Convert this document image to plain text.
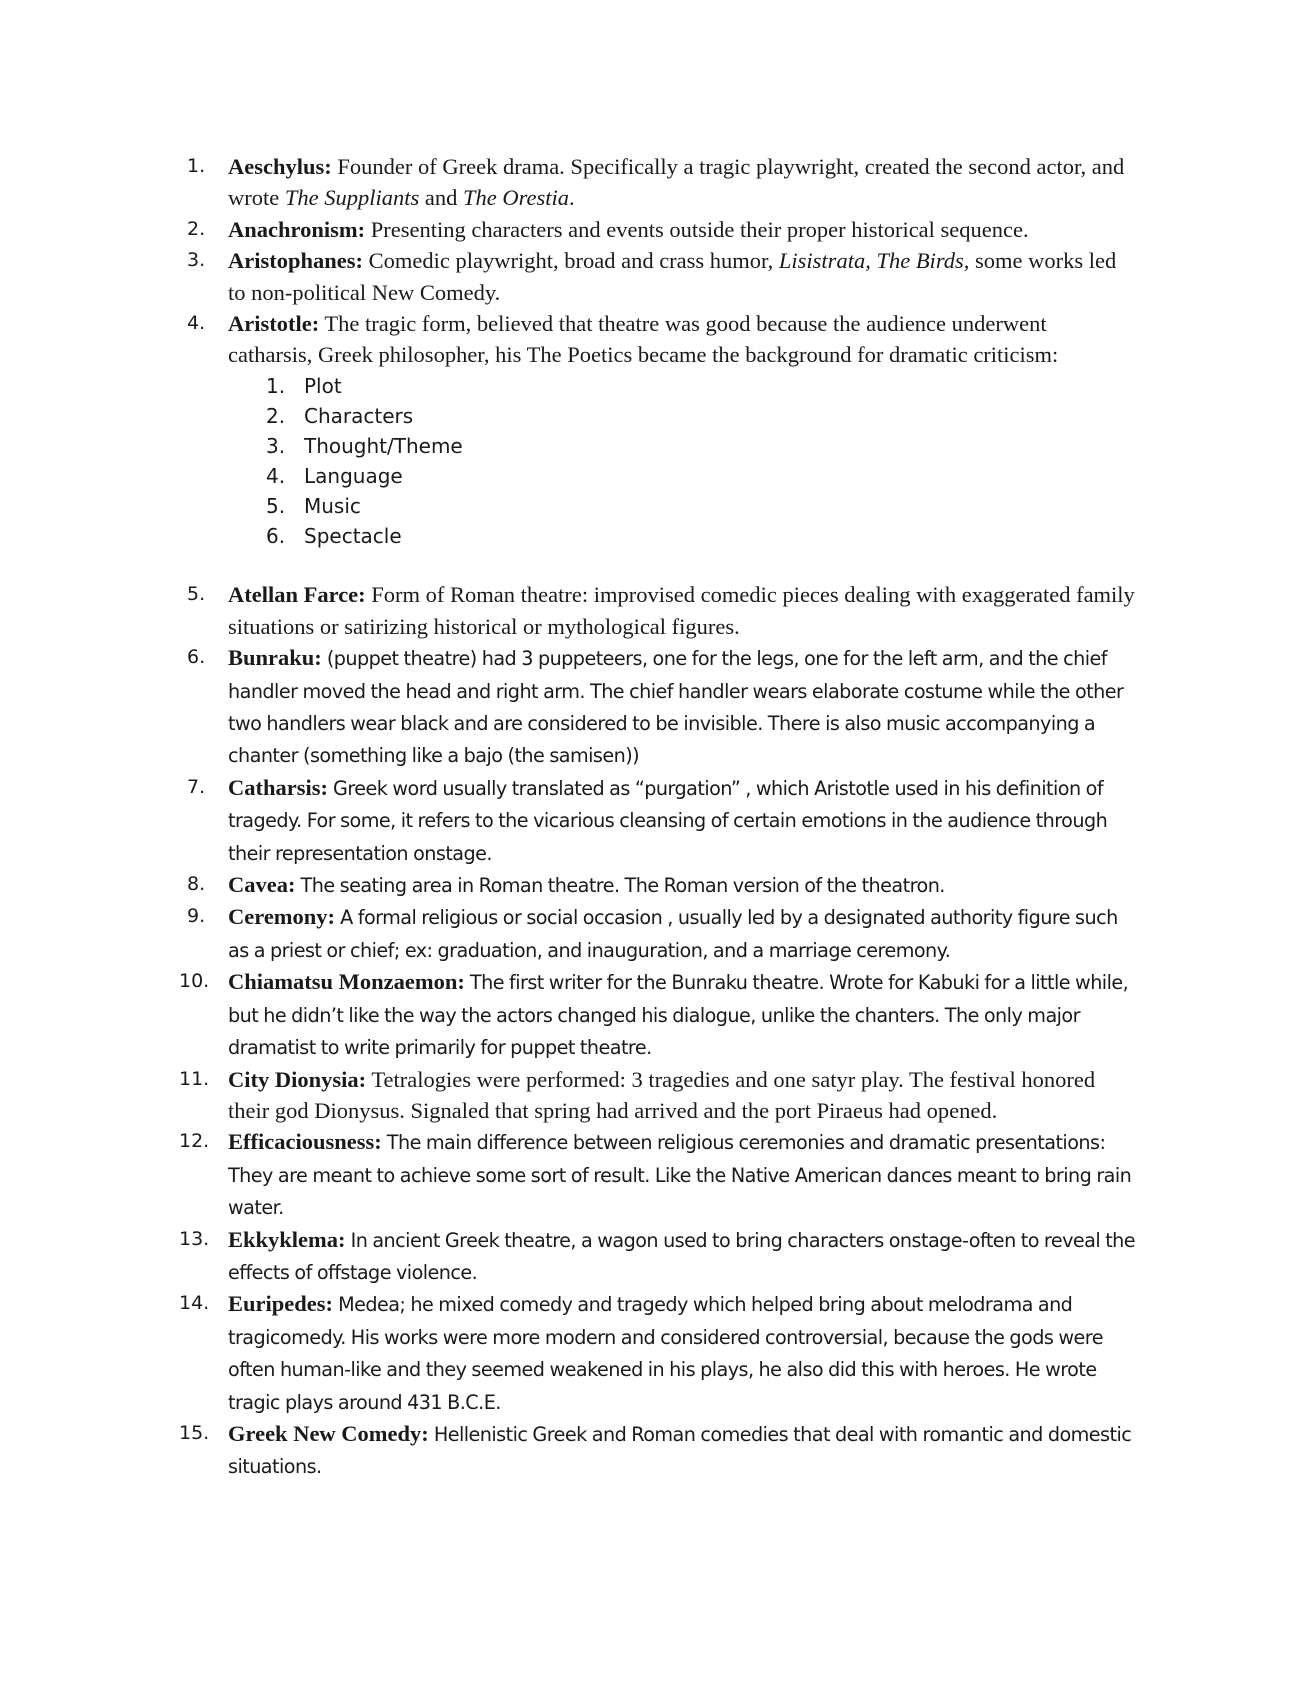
1. Aeschylus: Founder of Greek drama. Specifically a tragic playwright, created the second actor, and wrote The Suppliants and The Orestia.
2. Anachronism: Presenting characters and events outside their proper historical sequence.
3. Aristophanes: Comedic playwright, broad and crass humor, Lisistrata, The Birds, some works led to non-political New Comedy.
4. Aristotle: The tragic form, believed that theatre was good because the audience underwent catharsis, Greek philosopher, his The Poetics became the background for dramatic criticism:
1. Plot
2. Characters
3. Thought/Theme
4. Language
5. Music
6. Spectacle
5. Atellan Farce: Form of Roman theatre: improvised comedic pieces dealing with exaggerated family situations or satirizing historical or mythological figures.
6. Bunraku: (puppet theatre) had 3 puppeteers, one for the legs, one for the left arm, and the chief handler moved the head and right arm. The chief handler wears elaborate costume while the other two handlers wear black and are considered to be invisible. There is also music accompanying a chanter (something like a bajo (the samisen))
7. Catharsis: Greek word usually translated as “purgation” , which Aristotle used in his definition of tragedy. For some, it refers to the vicarious cleansing of certain emotions in the audience through their representation onstage.
8. Cavea: The seating area in Roman theatre. The Roman version of the theatron.
9. Ceremony: A formal religious or social occasion , usually led by a designated authority figure such as a priest or chief; ex: graduation, and inauguration, and a marriage ceremony.
10. Chiamatsu Monzaemon: The first writer for the Bunraku theatre. Wrote for Kabuki for a little while, but he didn’t like the way the actors changed his dialogue, unlike the chanters. The only major dramatist to write primarily for puppet theatre.
11. City Dionysia: Tetralogies were performed: 3 tragedies and one satyr play. The festival honored their god Dionysus. Signaled that spring had arrived and the port Piraeus had opened.
12. Efficaciousness: The main difference between religious ceremonies and dramatic presentations: They are meant to achieve some sort of result. Like the Native American dances meant to bring rain water.
13. Ekkyklema: In ancient Greek theatre, a wagon used to bring characters onstage-often to reveal the effects of offstage violence.
14. Euripedes: Medea; he mixed comedy and tragedy which helped bring about melodrama and tragicomedy. His works were more modern and considered controversial, because the gods were often human-like and they seemed weakened in his plays, he also did this with heroes. He wrote tragic plays around 431 B.C.E.
15. Greek New Comedy: Hellenistic Greek and Roman comedies that deal with romantic and domestic situations.
